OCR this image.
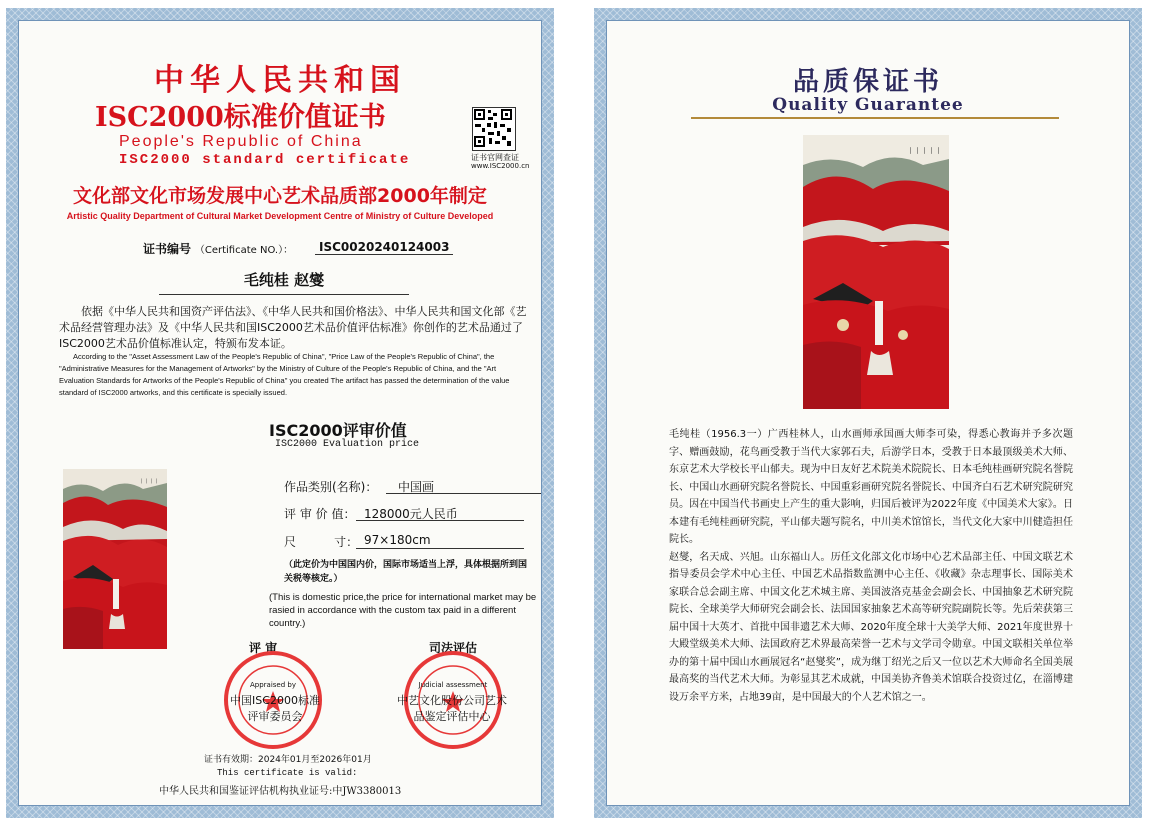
中华人民共和国
ISC2000标准价值证书
People's Republic of China
ISC2000 standard certificate	证书官网查证
www.ISC2000.cn
文化部文化市场发展中心艺术品质部2000年制定
Artistic Quality Department of Cultural Market Development Centre of Ministry of Culture Developed
证书编号 （Certificate NO.）：	ISC0020240124003
毛纯桂 赵燮
依据《中华人民共和国资产评估法》、《中华人民共和国价格法》、中华人民共和国文化部《艺术品经营管理办法》及《中华人民共和国ISC2000艺术品价值评估标准》你创作的艺术品通过了ISC2000艺术品价值标准认定，特颁布发本证。
According to the "Asset Assessment Law of the People's Republic of China", "Price Law of the People's Republic of China", the "Administrative Measures for the Management of Artworks" by the Ministry of Culture of the People's Republic of China, and the "Art Evaluation Standards for Artworks of the People's Republic of China" you created The artifact has passed the determination of the value standard of ISC2000 artworks, and this certificate is specially issued.
ISC2000评审价值
ISC2000 Evaluation price
丨丨丨丨	作品类别(名称)：	中国画
评 审 价 值： 128000元人民币
尺          寸： 97×180cm
（此定价为中国国内价，国际市场适当上浮，具体根据所到国关税等核定。）
(This is domestic price,the price for international market may be rasied in accordance with the custom tax paid in a different country.)
评 审	司法评估
Appraised by	Judicial assessment
中国ISC2000标准评审委员会
中艺文化股份公司艺术品鉴定评估中心
证书有效期：2024年01月至2026年01月
This certificate is valid:
中华人民共和国鉴证评估机构执业证号:中JW3380013
品质保证书
Quality Guarantee
丨丨丨丨丨

毛纯桂（1956.3一）广西桂林人，山水画师承国画大师李可染，得悉心教诲并予多次题字、赠画鼓励，花鸟画受教于当代大家郭石夫，后游学日本，受教于日本最顶级美术大师、东京艺术大学校长平山郁夫。现为中日友好艺术院美术院院长、日本毛纯桂画研究院名誉院长、中国山水画研究院名誉院长、中国重彩画研究院名誉院长、中国齐白石艺术研究院研究员。因在中国当代书画史上产生的重大影响，归国后被评为2022年度《中国美术大家》。日本建有毛纯桂画研究院，平山郁夫题写院名，中川美术馆馆长，当代文化大家中川健造担任院长。

赵燮，名天成、兴旭。山东福山人。历任文化部文化市场中心艺术品部主任、中国文联艺术指导委员会学术中心主任、中国艺术品指数监测中心主任、《收藏》杂志理事长、国际美术家联合总会副主席、中国文化艺术城主席、美国波洛克基金会副会长、中国抽象艺术研究院院长、全球美学大师研究会副会长、法国国家抽象艺术高等研究院副院长等。先后荣获第三届中国十大英才、首批中国非遗艺术大师、2020年度全球十大美学大师、2021年度世界十大殿堂级美术大师、法国政府艺术界最高荣誉一艺术与文学司令勋章。中国文联相关单位举办的第十届中国山水画展冠名“赵燮奖”，成为继丁绍光之后又一位以艺术大师命名全国美展最高奖的当代艺术大师。为彰显其艺术成就，中国美协齐鲁美术馆联合投资过亿，在淄博建设万余平方米，占地39亩，是中国最大的个人艺术馆之一。
